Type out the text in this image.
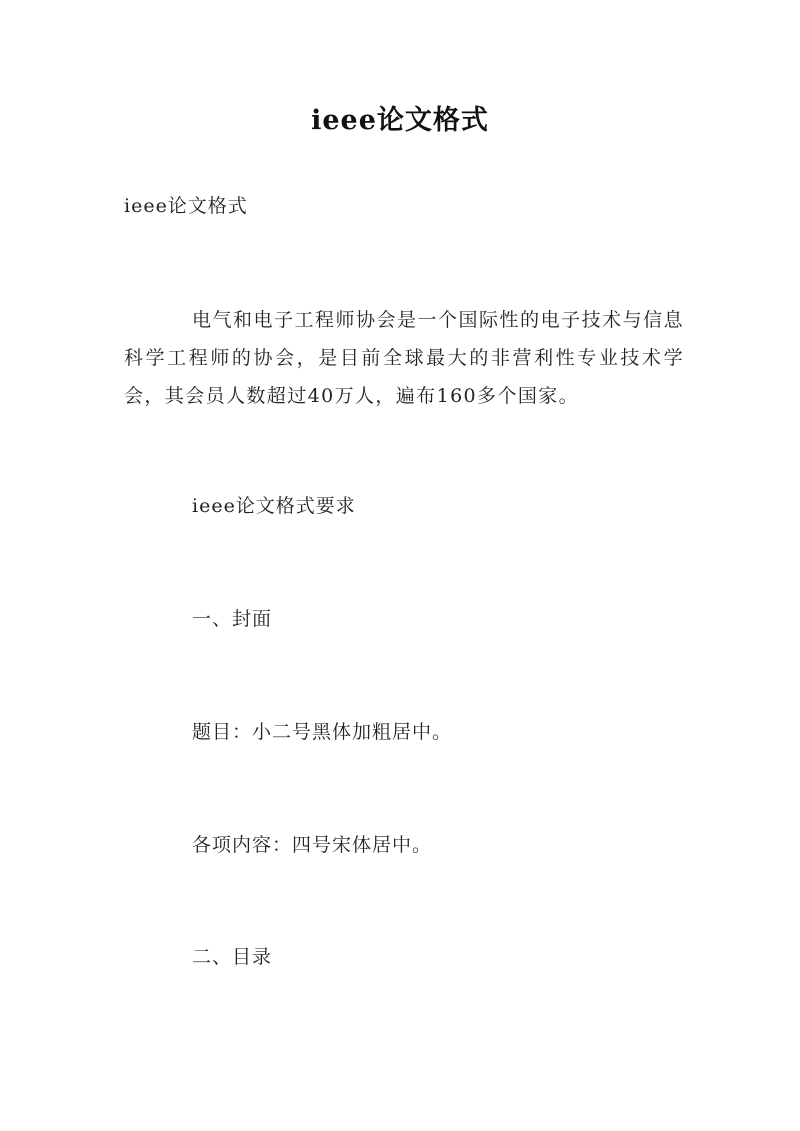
ieee论文格式
ieee论文格式
电气和电子工程师协会是一个国际性的电子技术与信息科学工程师的协会，是目前全球最大的非营利性专业技术学会，其会员人数超过40万人，遍布160多个国家。
ieee论文格式要求
一、封面
题目：小二号黑体加粗居中。
各项内容：四号宋体居中。
二、目录
